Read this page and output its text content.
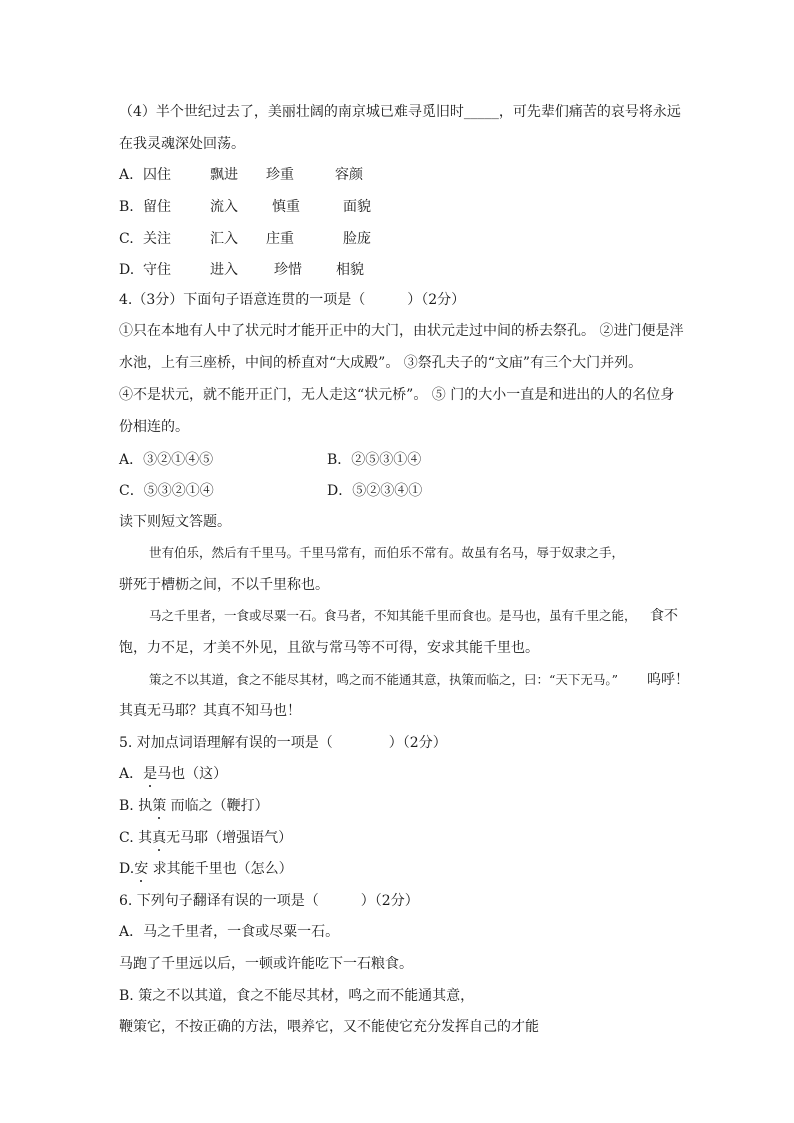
（4）半个世纪过去了，美丽壮阔的南京城已难寻觅旧时_____，可先辈们痛苦的哀号将永远
在我灵魂深处回荡。
A. 囚住	飘进 珍重	容颜
B. 留住	流入 慎重	面貌
C. 关注	汇入 庄重	脸庞
D. 守住	进入	珍惜 相貌
4.（3分）下面句子语意连贯的一项是（　　　）（2分）
①只在本地有人中了状元时才能开正中的大门，由状元走过中间的桥去祭孔。 ②进门便是泮
水池，上有三座桥，中间的桥直对“大成殿”。 ③祭孔夫子的“文庙”有三个大门并列。
④不是状元，就不能开正门，无人走这“状元桥”。 ⑤ 门的大小一直是和进出的人的名位身
份相连的。
A．③②①④⑤	B．②⑤③①④
C．⑤③②①④	D．⑤②③④①
读下则短文答题。
世有伯乐，然后有千里马。千里马常有，而伯乐不常有。故虽有名马，辱于奴隶之手，
骈死于槽枥之间，不以千里称也。
马之千里者，一食或尽粟一石。食马者，不知其能千里而食也。是马也，虽有千里之能， 食不
饱，力不足，才美不外见，且欲与常马等不可得，安求其能千里也。
策之不以其道，食之不能尽其材，鸣之而不能通其意，执策而临之，曰：“天下无马。” 呜呼！
其真无马耶？其真不知马也！
5. 对加点词语理解有误的一项是（　　　　）（2分）
A．是马也（这）
B. 执策 而临之（鞭打）
C. 其真无马耶（增强语气）
D.安 求其能千里也（怎么）
6. 下列句子翻译有误的一项是（　　　）（2分）
A．马之千里者，一食或尽粟一石。
马跑了千里远以后，一顿或许能吃下一石粮食。
B. 策之不以其道，食之不能尽其材，鸣之而不能通其意，
鞭策它，不按正确的方法，喂养它，又不能使它充分发挥自己的才能
